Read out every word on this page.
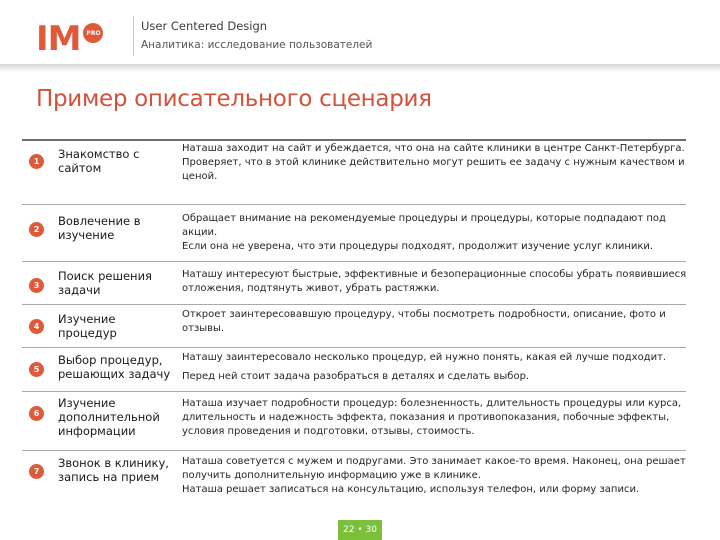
IM PRO	User Centered Design
Аналитика: исследование пользователей
Пример описательного сценария
1
Знакомство с сайтом

Наташа заходит на сайт и убеждается, что она на сайте клиники в центре Санкт-Петербурга.

Проверяет, что в этой клинике действительно могут решить ее задачу с нужным качеством и ценой.

2
Вовлечение в изучение

Обращает внимание на рекомендуемые процедуры и процедуры, которые подпадают под акции.

Если она не уверена, что эти процедуры подходят, продолжит изучение услуг клиники.

3
Поиск решения задачи

Наташу интересуют быстрые, эффективные и безоперационные способы убрать появившиеся отложения, подтянуть живот, убрать растяжки.

4
Изучение процедур

Откроет заинтересовавшую процедуру, чтобы посмотреть подробности, описание, фото и отзывы.

5
Выбор процедур, решающих задачу

Наташу заинтересовало несколько процедур, ей нужно понять, какая ей лучше подходит.

Перед ней стоит задача разобраться в деталях и сделать выбор.

6
Изучение дополнительной информации

Наташа изучает подробности процедур: болезненность, длительность процедуры или курса, длительность и надежность эффекта, показания и противопоказания, побочные эффекты, условия проведения и подготовки, отзывы, стоимость.

7
Звонок в клинику, запись на прием

Наташа советуется с мужем и подругами. Это занимает какое-то время. Наконец, она решает получить дополнительную информацию уже в клинике.

Наташа решает записаться на консультацию, используя телефон, или форму записи.

22 • 30
